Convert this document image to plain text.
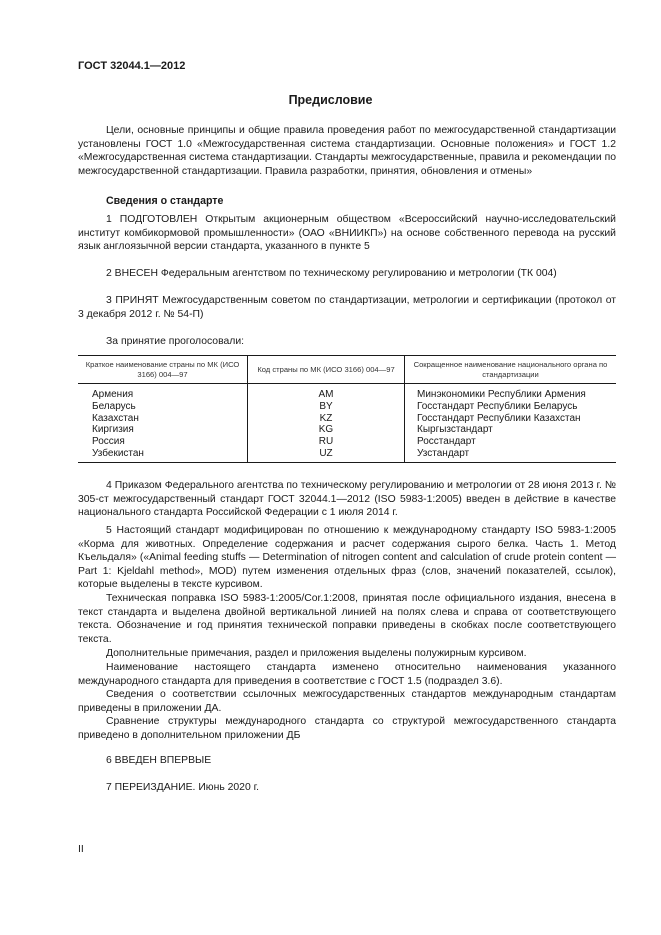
ГОСТ 32044.1—2012
Предисловие

Цели, основные принципы и общие правила проведения работ по межгосударственной стандартизации установлены ГОСТ 1.0 «Межгосударственная система стандартизации. Основные положения» и ГОСТ 1.2 «Межгосударственная система стандартизации. Стандарты межгосударственные, правила и рекомендации по межгосударственной стандартизации. Правила разработки, принятия, обновления и отмены»

Сведения о стандарте

1 ПОДГОТОВЛЕН Открытым акционерным обществом «Всероссийский научно-исследовательский институт комбикормовой промышленности» (ОАО «ВНИИКП») на основе собственного перевода на русский язык англоязычной версии стандарта, указанного в пункте 5

2 ВНЕСЕН Федеральным агентством по техническому регулированию и метрологии (ТК 004)

3 ПРИНЯТ Межгосударственным советом по стандартизации, метрологии и сертификации (протокол от 3 декабря 2012 г. № 54-П)

За принятие проголосовали:

Краткое наименование страны по МК (ИСО 3166) 004—97	Код страны по МК (ИСО 3166) 004—97	Сокращенное наименование национального органа по стандартизации
Армения	AM	Минэкономики Республики Армения
Беларусь	BY	Госстандарт Республики Беларусь
Казахстан	KZ	Госстандарт Республики Казахстан
Киргизия	KG	Кыргызстандарт
Россия	RU	Росстандарт
Узбекистан	UZ	Узстандарт

4 Приказом Федерального агентства по техническому регулированию и метрологии от 28 июня 2013 г. № 305-ст межгосударственный стандарт ГОСТ 32044.1—2012 (ISO 5983-1:2005) введен в действие в качестве национального стандарта Российской Федерации с 1 июля 2014 г.

5 Настоящий стандарт модифицирован по отношению к международному стандарту ISO 5983-1:2005 «Корма для животных. Определение содержания и расчет содержания сырого белка. Часть 1. Метод Къельдаля» («Animal feeding stuffs — Determination of nitrogen content and calculation of crude protein content — Part 1: Kjeldahl method», MOD) путем изменения отдельных фраз (слов, значений показателей, ссылок), которые выделены в тексте курсивом.

Техническая поправка ISO 5983-1:2005/Cor.1:2008, принятая после официального издания, внесена в текст стандарта и выделена двойной вертикальной линией на полях слева и справа от соответствующего текста. Обозначение и год принятия технической поправки приведены в скобках после соответствующего текста.

Дополнительные примечания, раздел и приложения выделены полужирным курсивом.

Наименование настоящего стандарта изменено относительно наименования указанного международного стандарта для приведения в соответствие с ГОСТ 1.5 (подраздел 3.6).

Сведения о соответствии ссылочных межгосударственных стандартов международным стандартам приведены в приложении ДА.

Сравнение структуры международного стандарта со структурой межгосударственного стандарта приведено в дополнительном приложении ДБ

6 ВВЕДЕН ВПЕРВЫЕ

7 ПЕРЕИЗДАНИЕ. Июнь 2020 г.

II
